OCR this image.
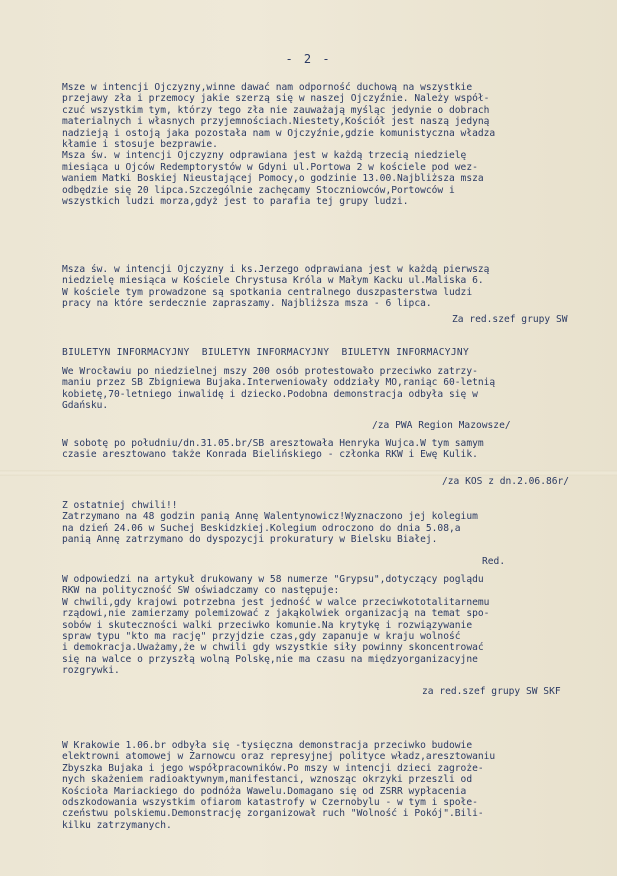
- 2 -
Msze w intencji Ojczyzny,winne dawać nam odporność duchową na wszystkie
przejawy zła i przemocy jakie szerzą się w naszej Ojczyźnie. Należy współ-
czuć wszystkim tym, którzy tego zła nie zauważają myśląc jedynie o dobrach
materialnych i własnych przyjemnościach.Niestety,Kościół jest naszą jedyną
nadzieją i ostoją jaka pozostała nam w Ojczyźnie,gdzie komunistyczna władza
kłamie i stosuje bezprawie.
Msza św. w intencji Ojczyzny odprawiana jest w każdą trzecią niedzielę
miesiąca u Ojców Redemptorystów w Gdyni ul.Portowa 2 w kościele pod wez-
waniem Matki Boskiej Nieustającej Pomocy,o godzinie 13.00.Najbliższa msza
odbędzie się 20 lipca.Szczególnie zachęcamy Stoczniowców,Portowców i
wszystkich ludzi morza,gdyż jest to parafia tej grupy ludzi.
Msza św. w intencji Ojczyzny i ks.Jerzego odprawiana jest w każdą pierwszą
niedzielę miesiąca w Kościele Chrystusa Króla w Małym Kacku ul.Maliska 6.
W kościele tym prowadzone są spotkania centralnego duszpasterstwa ludzi
pracy na które serdecznie zapraszamy. Najbliższa msza - 6 lipca.
Za red.szef grupy SW
BIULETYN INFORMACYJNY  BIULETYN INFORMACYJNY  BIULETYN INFORMACYJNY
We Wrocławiu po niedzielnej mszy 200 osób protestowało przeciwko zatrzy-
maniu przez SB Zbigniewa Bujaka.Interweniowały oddziały MO,raniąc 60-letnią
kobietę,70-letniego inwalidę i dziecko.Podobna demonstracja odbyła się w
Gdańsku.
/za PWA Region Mazowsze/
W sobotę po południu/dn.31.05.br/SB aresztowała Henryka Wujca.W tym samym
czasie aresztowano także Konrada Bielińskiego - członka RKW i Ewę Kulik.
/za KOS z dn.2.06.86r/
Z ostatniej chwili!!
Zatrzymano na 48 godzin panią Annę Walentynowicz!Wyznaczono jej kolegium
na dzień 24.06 w Suchej Beskidzkiej.Kolegium odroczono do dnia 5.08,a
panią Annę zatrzymano do dyspozycji prokuratury w Bielsku Białej.
Red.
W odpowiedzi na artykuł drukowany w 58 numerze "Grypsu",dotyczący poglądu
RKW na polityczność SW oświadczamy co następuje:
W chwili,gdy krajowi potrzebna jest jedność w walce przeciwkototalitarnemu
rządowi,nie zamierzamy polemizować z jakąkolwiek organizacją na temat spo-
sobów i skuteczności walki przeciwko komunie.Na krytykę i rozwiązywanie
spraw typu "kto ma rację" przyjdzie czas,gdy zapanuje w kraju wolność
i demokracja.Uważamy,że w chwili gdy wszystkie siły powinny skoncentrować
się na walce o przyszłą wolną Polskę,nie ma czasu na międzyorganizacyjne
rozgrywki.
za red.szef grupy SW SKF
W Krakowie 1.06.br odbyła się -tysięczna demonstracja przeciwko budowie
elektrowni atomowej w Żarnowcu oraz represyjnej polityce władz,aresztowaniu
Zbyszka Bujaka i jego współpracowników.Po mszy w intencji dzieci zagroże-
nych skażeniem radioaktywnym,manifestanci, wznosząc okrzyki przeszli od
Kościoła Mariackiego do podnóża Wawelu.Domagano się od ZSRR wypłacenia
odszkodowania wszystkim ofiarom katastrofy w Czernobylu - w tym i społe-
czeństwu polskiemu.Demonstrację zorganizował ruch "Wolność i Pokój".Bili-
kilku zatrzymanych.
